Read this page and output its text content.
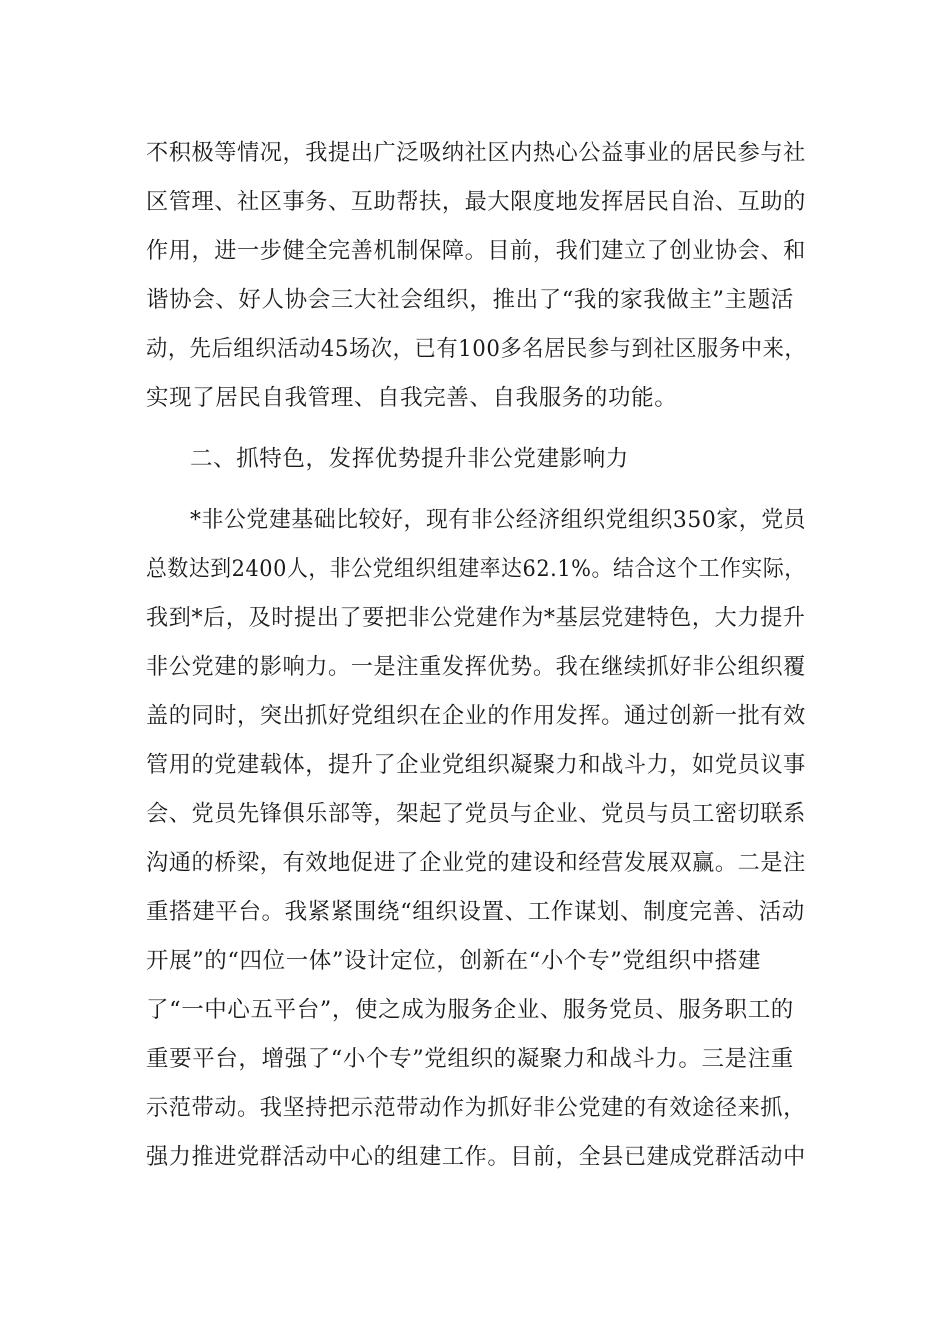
不积极等情况，我提出广泛吸纳社区内热心公益事业的居民参与社
区管理、社区事务、互助帮扶，最大限度地发挥居民自治、互助的
作用，进一步健全完善机制保障。目前，我们建立了创业协会、和
谐协会、好人协会三大社会组织，推出了“我的家我做主”主题活
动，先后组织活动45场次，已有100多名居民参与到社区服务中来，
实现了居民自我管理、自我完善、自我服务的功能。
二、抓特色，发挥优势提升非公党建影响力
*非公党建基础比较好，现有非公经济组织党组织350家，党员
总数达到2400人，非公党组织组建率达62.1%。结合这个工作实际，
我到*后，及时提出了要把非公党建作为*基层党建特色，大力提升
非公党建的影响力。一是注重发挥优势。我在继续抓好非公组织覆
盖的同时，突出抓好党组织在企业的作用发挥。通过创新一批有效
管用的党建载体，提升了企业党组织凝聚力和战斗力，如党员议事
会、党员先锋俱乐部等，架起了党员与企业、党员与员工密切联系
沟通的桥梁，有效地促进了企业党的建设和经营发展双赢。二是注
重搭建平台。我紧紧围绕“组织设置、工作谋划、制度完善、活动
开展”的“四位一体”设计定位，创新在“小个专”党组织中搭建
了“一中心五平台”，使之成为服务企业、服务党员、服务职工的
重要平台，增强了“小个专”党组织的凝聚力和战斗力。三是注重
示范带动。我坚持把示范带动作为抓好非公党建的有效途径来抓，
强力推进党群活动中心的组建工作。目前，全县已建成党群活动中
